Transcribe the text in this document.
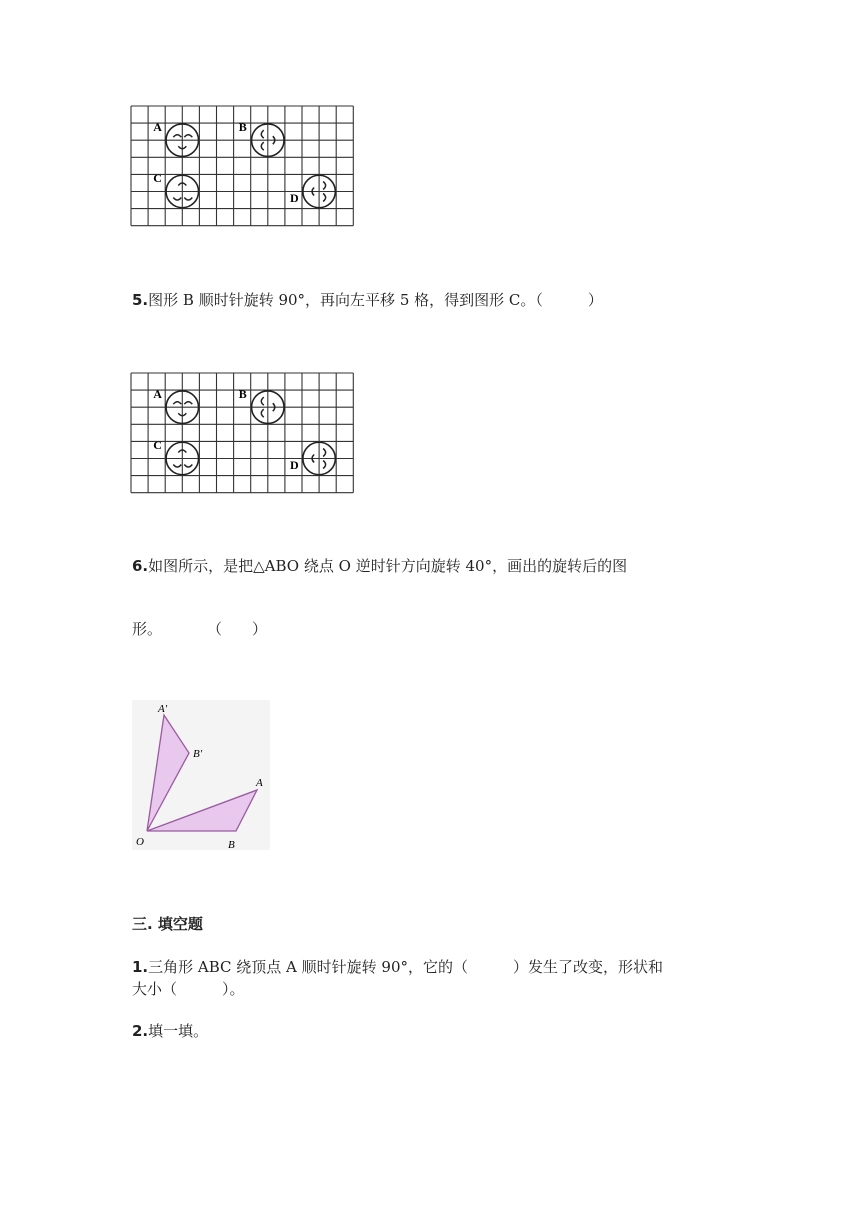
A	B
C
D
5.图形 B 顺时针旋转 90°，再向左平移 5 格，得到图形 C。（　　　）
A	B
C
D
6.如图所示，是把△ABO 绕点 O 逆时针方向旋转 40°，画出的旋转后的图
形。　　　　（　　）
A'
B'
A
O	B
三. 填空题
1.三角形 ABC 绕顶点 A 顺时针旋转 90°，它的（　　　）发生了改变，形状和
大小（　　　）。
2.填一填。
